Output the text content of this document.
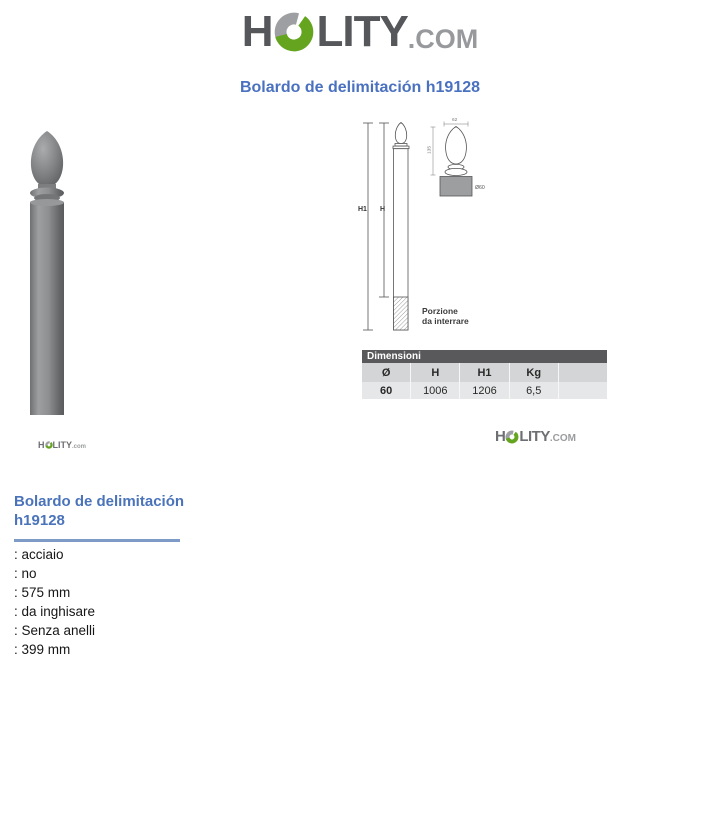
H LITY .COM
Bolardo de delimitación h19128
H LITY .com
H1 H
Porzione
da interrare
62
135
Ø60
Dimensioni
Ø	H	H1	Kg
60	1006	1206	6,5
H LITY .COM
Bolardo de delimitación h19128
: acciaio
: no
: 575 mm
: da inghisare
: Senza anelli
: 399 mm
